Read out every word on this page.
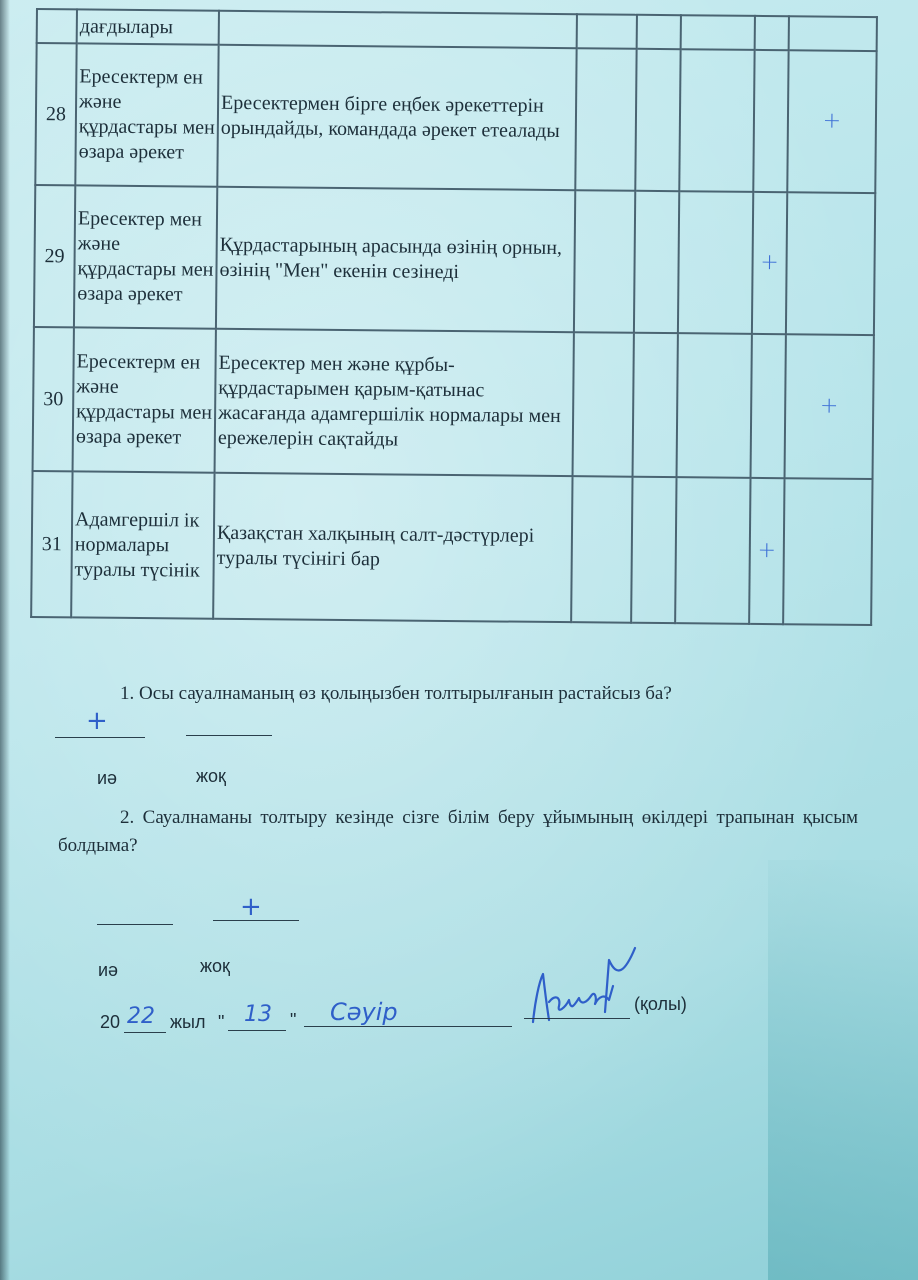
	дағдылары						
28	Ересектерм ен және құрдастары мен өзара әрекет	Ересектермен бірге еңбек әрекеттерін орындайды, командада әрекет етеалады					+
29	Ересектер мен және құрдастары мен өзара әрекет	Құрдастарының арасында өзінің орнын, өзінің "Мен" екенін сезінеді				+	
30	Ересектерм ен және құрдастары мен өзара әрекет	Ересектер мен және құрбы-құрдастарымен қарым-қатынас жасағанда адамгершілік нормалары мен ережелерін сақтайды					+
31	Адамгершіл ік нормалары туралы түсінік	Қазақстан халқының салт-дәстүрлері туралы түсінігі бар				+	
1. Осы сауалнаманың өз қолыңызбен толтырылғанын растайсыз ба?
+
иә	жоқ
2. Сауалнаманы толтыру кезінде сізге білім беру ұйымының өкілдері трапынан қысым болдыма?
+
иә	жоқ
20 22 жыл " 13 " Сәуір	(қолы)
